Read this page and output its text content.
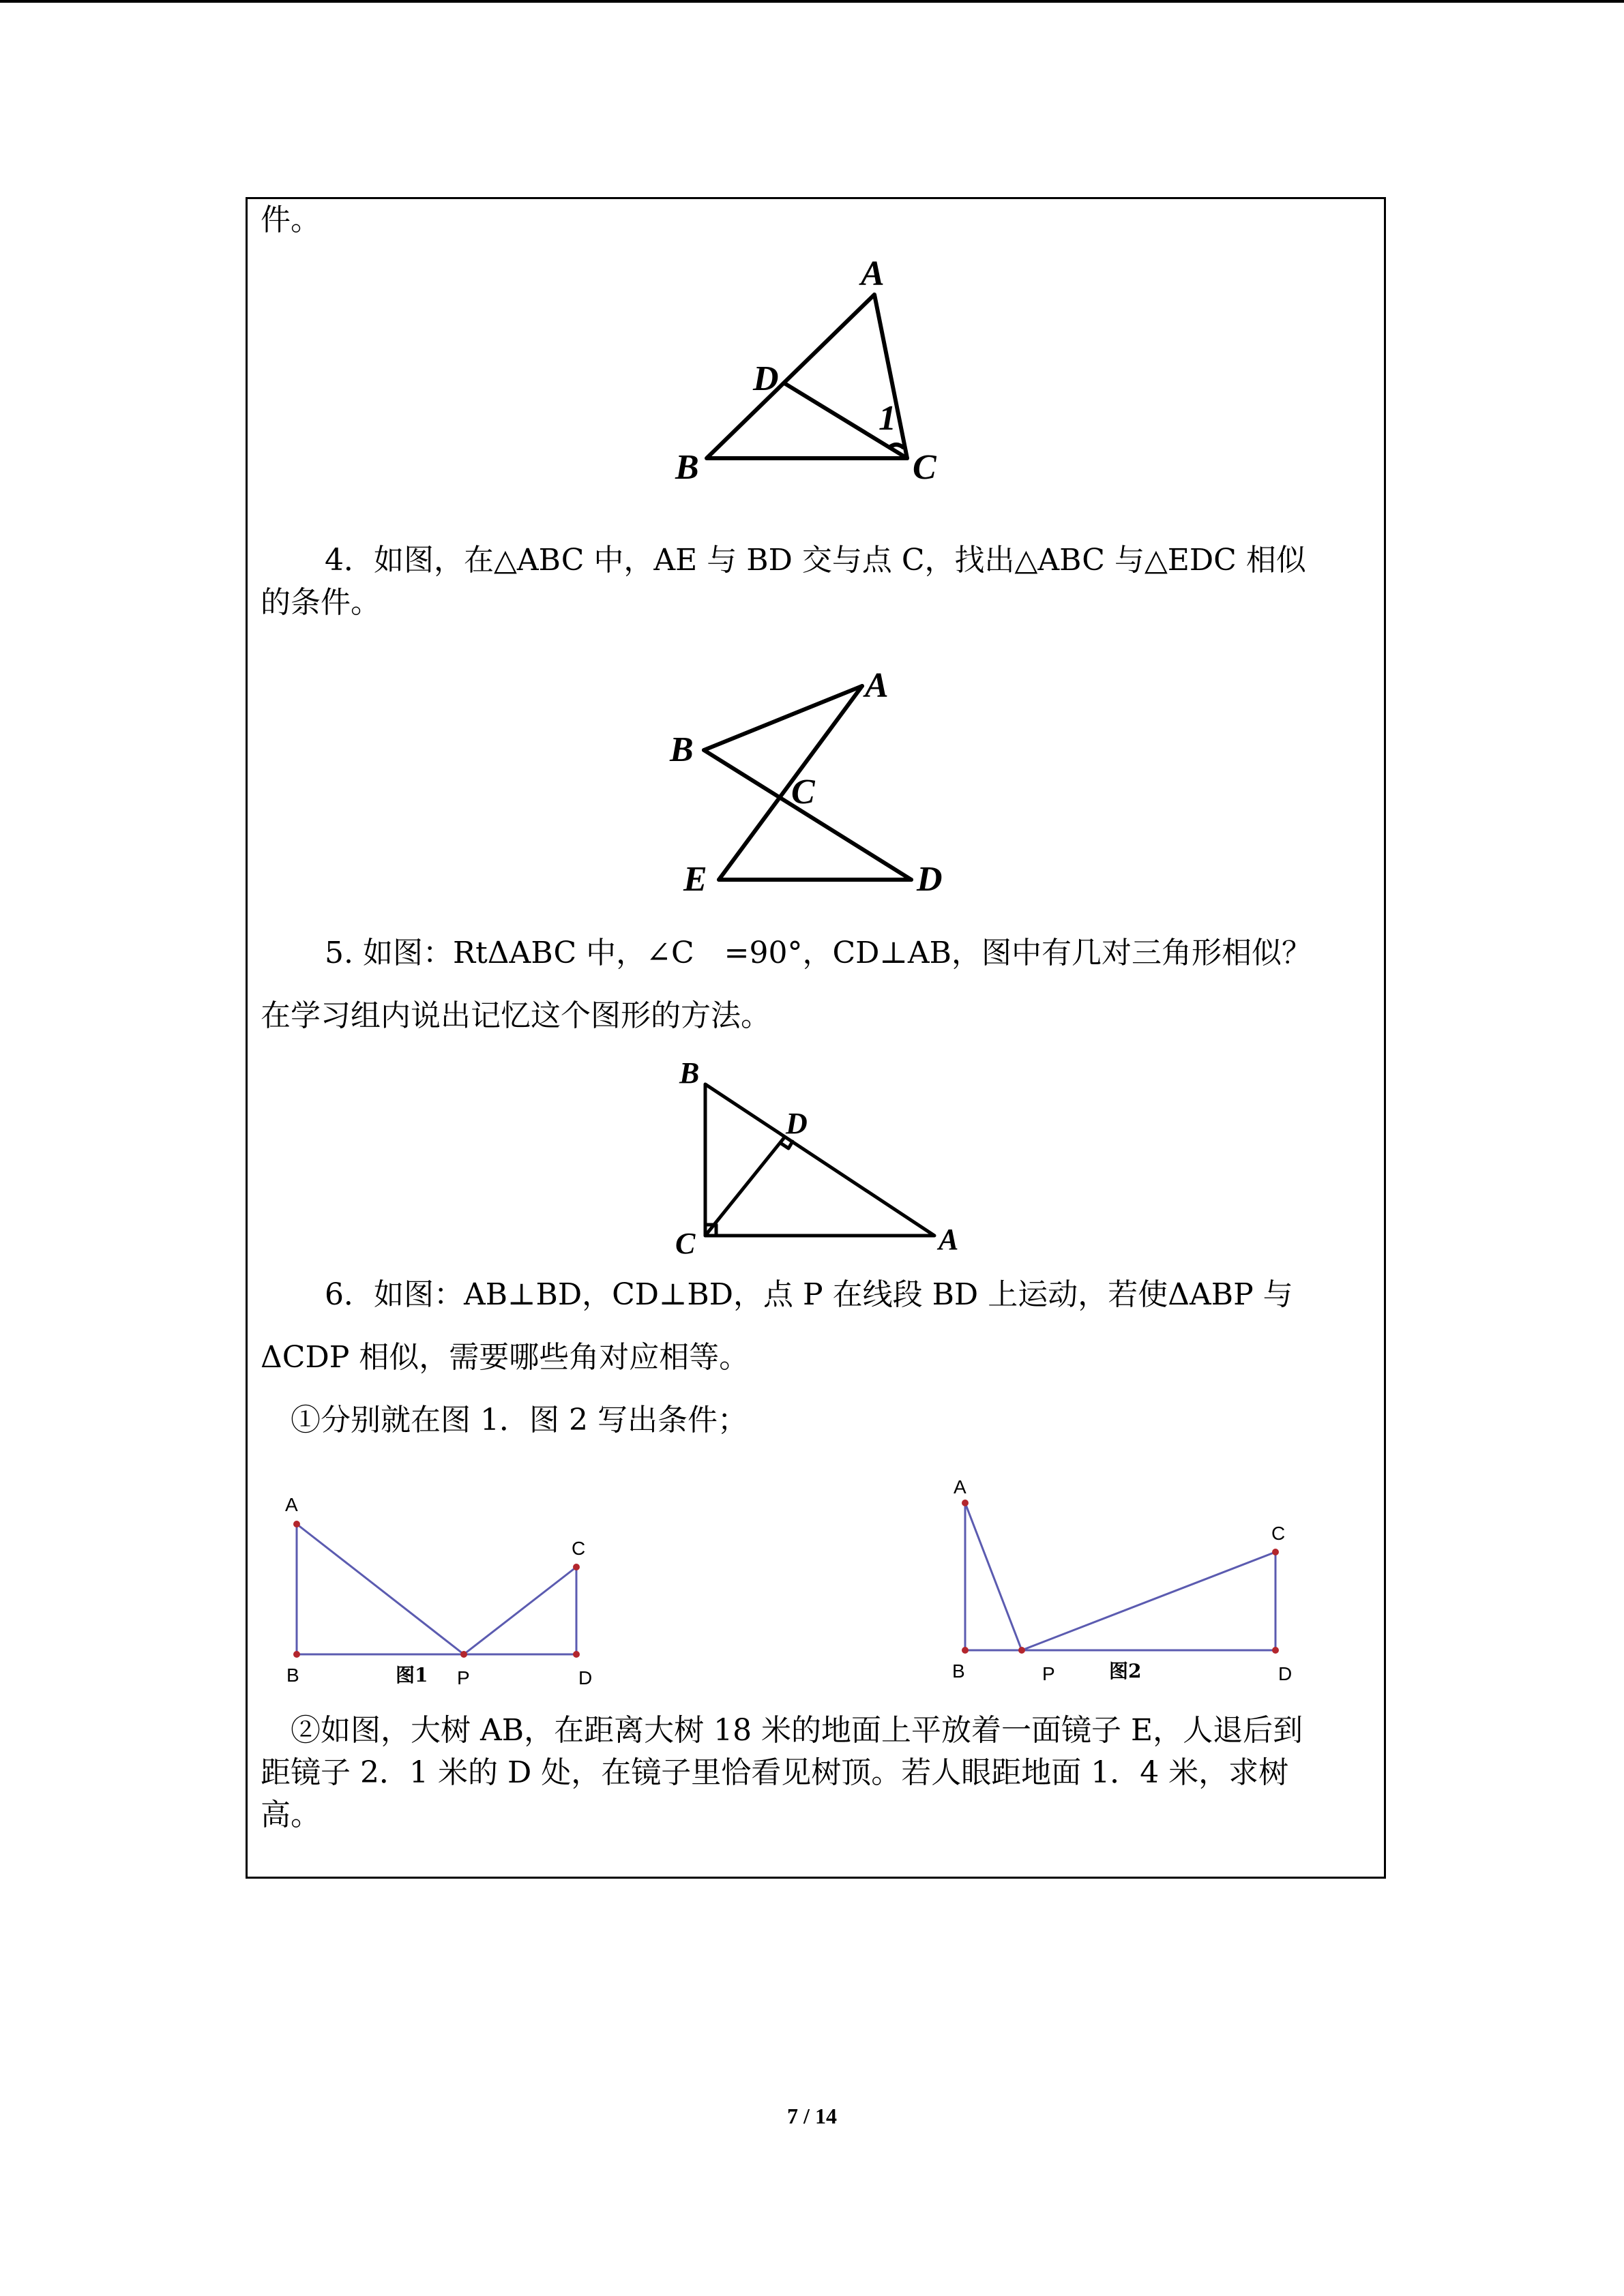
件。
A
D
1
B	C
4．如图，在△ABC 中，AE 与 BD 交与点 C，找出△ABC 与△EDC 相似
的条件。
A
B
C
E	D
5. 如图：RtΔABC 中，∠C　=90°，CD⊥AB，图中有几对三角形相似？
在学习组内说出记忆这个图形的方法。
B
D
C	A
6．如图：AB⊥BD，CD⊥BD，点 P 在线段 BD 上运动，若使ΔABP 与
ΔCDP 相似，需要哪些角对应相等。
①分别就在图 1．图 2 写出条件；
A
B	图1 P	D
C
A
B	P	图2	D
C
②如图，大树 AB，在距离大树 18 米的地面上平放着一面镜子 E，人退后到
距镜子 2．1 米的 D 处，在镜子里恰看见树顶。若人眼距地面 1．4 米，求树
高。
7 / 14
